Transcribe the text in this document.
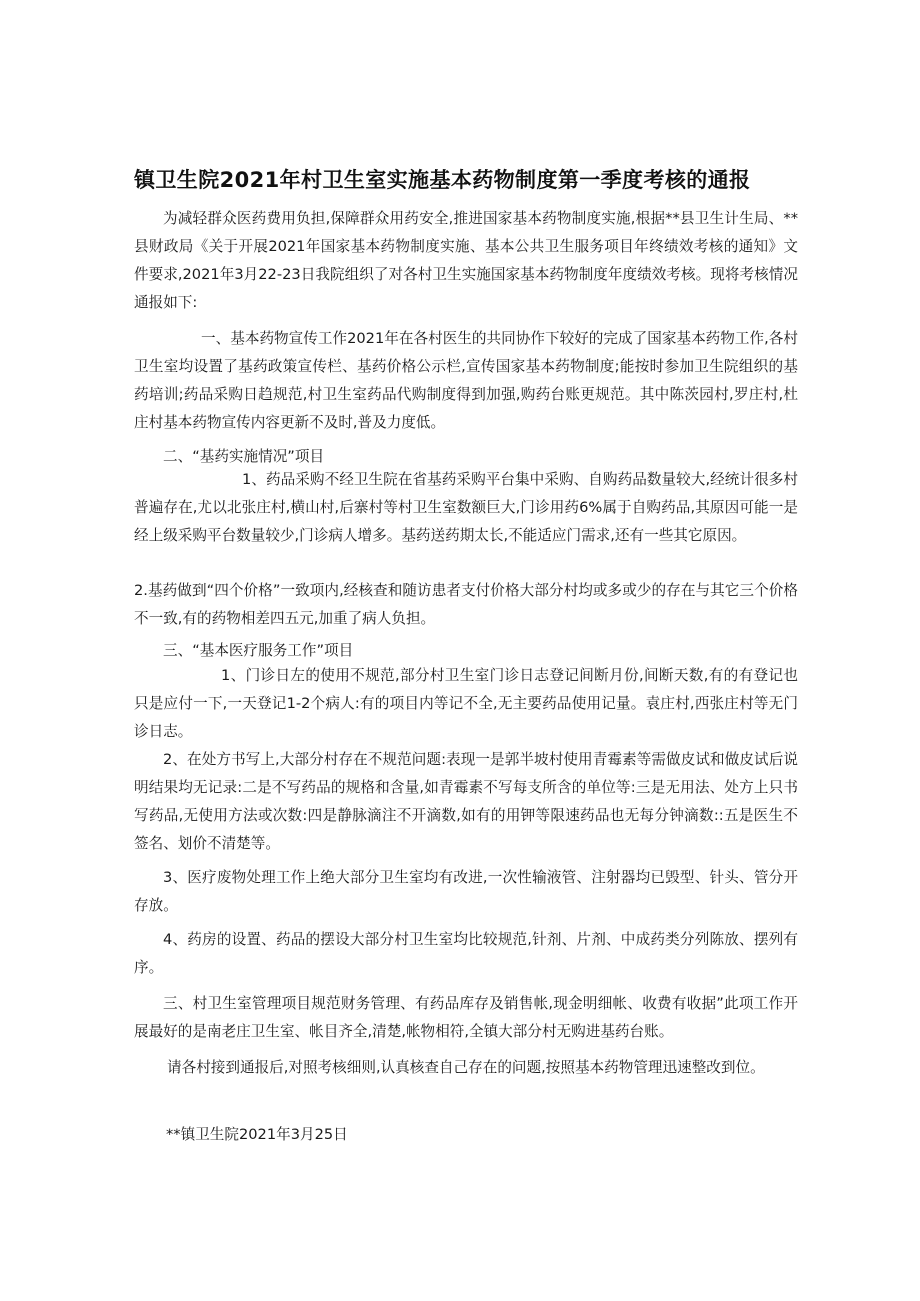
镇卫生院2021年村卫生室实施基本药物制度第一季度考核的通报

为减轻群众医药费用负担,保障群众用药安全,推进国家基本药物制度实施,根据**县卫生计生局、**县财政局《关于开展2021年国家基本药物制度实施、基本公共卫生服务项目年终绩效考核的通知》文件要求,2021年3月22-23日我院组织了对各村卫生实施国家基本药物制度年度绩效考核。现将考核情况通报如下:

一、基本药物宣传工作2021年在各村医生的共同协作下较好的完成了国家基本药物工作,各村卫生室均设置了基药政策宣传栏、基药价格公示栏,宣传国家基本药物制度;能按时参加卫生院组织的基药培训;药品采购日趋规范,村卫生室药品代购制度得到加强,购药台账更规范。其中陈茨园村,罗庄村,杜庄村基本药物宣传内容更新不及时,普及力度低。

二、“基药实施情况”项目

1、药品采购不经卫生院在省基药采购平台集中采购、自购药品数量较大,经统计很多村普遍存在,尤以北张庄村,横山村,后寨村等村卫生室数额巨大,门诊用药6%属于自购药品,其原因可能一是经上级采购平台数量较少,门诊病人增多。基药送药期太长,不能适应门需求,还有一些其它原因。

2.基药做到“四个价格”一致项内,经核查和随访患者支付价格大部分村均或多或少的存在与其它三个价格不一致,有的药物相差四五元,加重了病人负担。

三、“基本医疗服务工作”项目

1、门诊日左的使用不规范,部分村卫生室门诊日志登记间断月份,间断天数,有的有登记也只是应付一下,一天登记1-2个病人:有的项目内等记不全,无主要药品使用记量。袁庄村,西张庄村等无门诊日志。

2、在处方书写上,大部分村存在不规范问题:表现一是郭半坡村使用青霉素等需做皮试和做皮试后说明结果均无记录:二是不写药品的规格和含量,如青霉素不写每支所含的单位等:三是无用法、处方上只书写药品,无使用方法或次数:四是静脉滴注不开滴数,如有的用钾等限速药品也无每分钟滴数::五是医生不签名、划价不清楚等。

3、医疗废物处理工作上绝大部分卫生室均有改进,一次性输液管、注射器均已毁型、针头、管分开存放。

4、药房的设置、药品的摆设大部分村卫生室均比较规范,针剂、片剂、中成药类分列陈放、摆列有序。

三、村卫生室管理项目规范财务管理、有药品库存及销售帐,现金明细帐、收费有收据”此项工作开展最好的是南老庄卫生室、帐目齐全,清楚,帐物相符,全镇大部分村无购进基药台账。

请各村接到通报后,对照考核细则,认真核查自己存在的问题,按照基本药物管理迅速整改到位。

**镇卫生院2021年3月25日
